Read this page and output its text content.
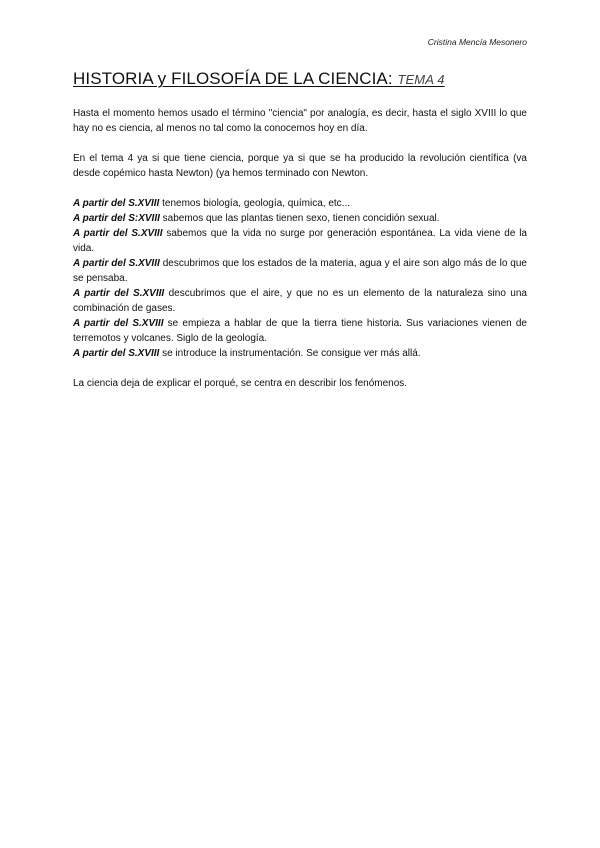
Cristina Mencía Mesonero
HISTORIA y FILOSOFÍA DE LA CIENCIA: TEMA 4

Hasta el momento hemos usado el término "ciencia" por analogía, es decir, hasta el siglo XVIII lo que hay no es ciencia, al menos no tal como la conocemos hoy en día.

En el tema 4 ya si que tiene ciencia, porque ya si que se ha producido la revolución científica (va desde copémico hasta Newton) (ya hemos terminado con Newton.

A partir del S.XVIII tenemos biología, geología, química, etc...

A partir del S:XVIII sabemos que las plantas tienen sexo, tienen concidión sexual.

A partir del S.XVIII sabemos que la vida no surge por generación espontánea. La vida viene de la vida.

A partir del S.XVIII descubrimos que los estados de la materia, agua y el aire son algo más de lo que se pensaba.

A partir del S.XVIII descubrimos que el aire, y que no es un elemento de la naturaleza sino una combinación de gases.

A partir del S.XVIII se empieza a hablar de que la tierra tiene historia. Sus variaciones vienen de terremotos y volcanes. Siglo de la geología.

A partir del S.XVIII se introduce la instrumentación. Se consigue ver más allá.

La ciencia deja de explicar el porqué, se centra en describir los fenómenos.
